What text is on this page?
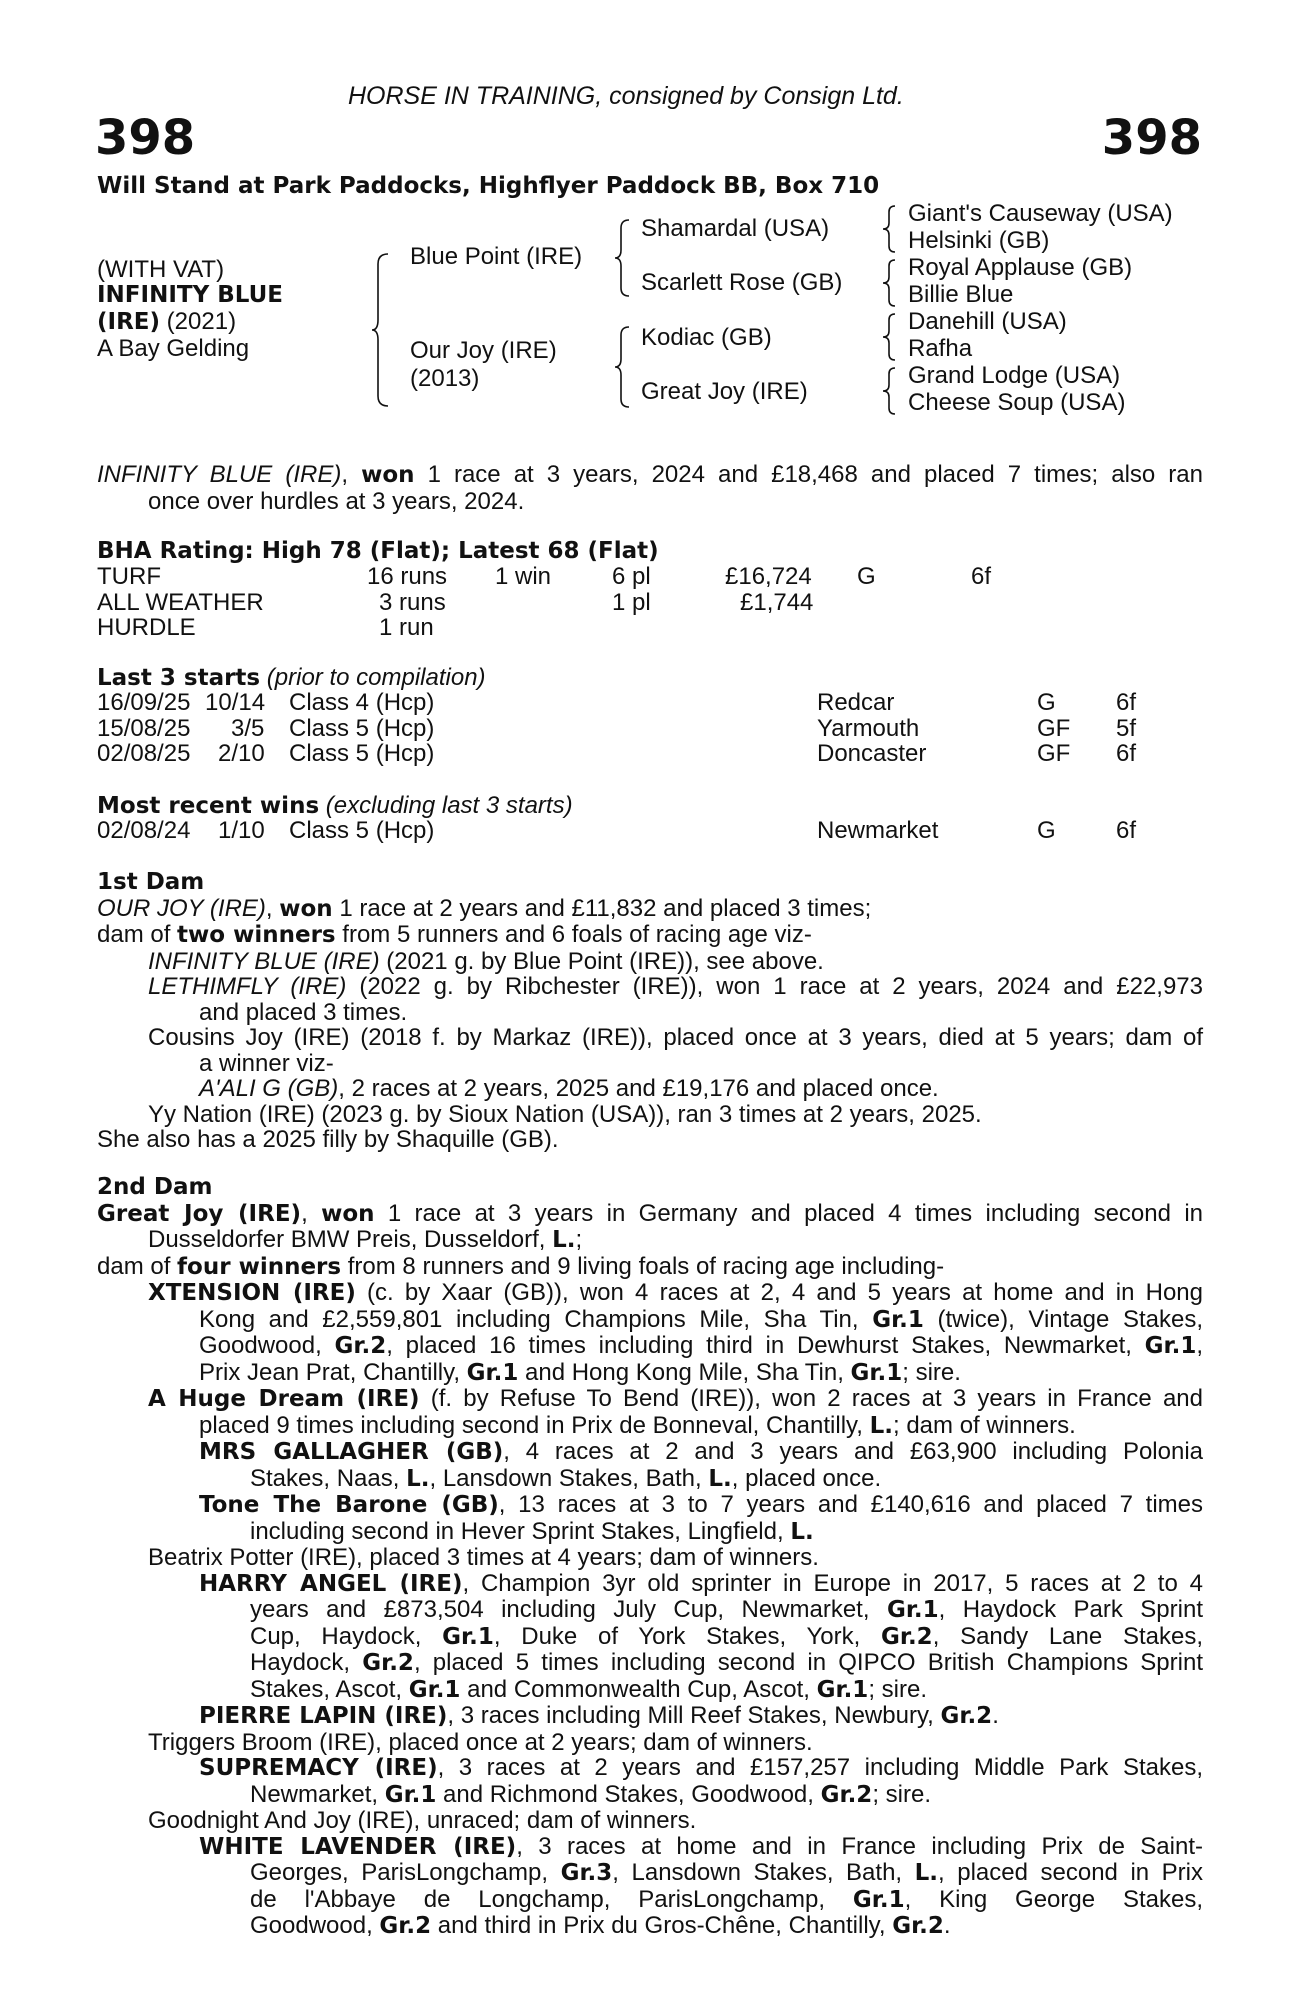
HORSE IN TRAINING, consigned by Consign Ltd.
398	398
Will Stand at Park Paddocks, Highflyer Paddock BB, Box 710
(WITH VAT)
INFINITY BLUE
(IRE) (2021)
A Bay Gelding
Blue Point (IRE)
Our Joy (IRE)
(2013)
Shamardal (USA)
Scarlett Rose (GB)
Kodiac (GB)
Great Joy (IRE)
Giant's Causeway (USA)
Helsinki (GB)
Royal Applause (GB)
Billie Blue
Danehill (USA)
Rafha
Grand Lodge (USA)
Cheese Soup (USA)
INFINITY BLUE (IRE), won 1 race at 3 years, 2024 and £18,468 and placed 7 times; also ran
once over hurdles at 3 years, 2024.
BHA Rating: High 78 (Flat); Latest 68 (Flat)
TURF	16 runs 1 win	6 pl	£16,724 G	6f
ALL WEATHER	3 runs	1 pl	£1,744
HURDLE	1 run
Last 3 starts (prior to compilation)
16/09/25 10/14 Class 4 (Hcp)	Redcar	G	6f
15/08/25 3/5 Class 5 (Hcp)	Yarmouth	GF 5f
02/08/25 2/10 Class 5 (Hcp)	Doncaster	GF 6f
Most recent wins (excluding last 3 starts)
02/08/24 1/10 Class 5 (Hcp)	Newmarket	G	6f
1st Dam
OUR JOY (IRE), won 1 race at 2 years and £11,832 and placed 3 times;
dam of two winners from 5 runners and 6 foals of racing age viz-
INFINITY BLUE (IRE) (2021 g. by Blue Point (IRE)), see above.
LETHIMFLY (IRE) (2022 g. by Ribchester (IRE)), won 1 race at 2 years, 2024 and £22,973
and placed 3 times.
Cousins Joy (IRE) (2018 f. by Markaz (IRE)), placed once at 3 years, died at 5 years; dam of
a winner viz-
A'ALI G (GB), 2 races at 2 years, 2025 and £19,176 and placed once.
Yy Nation (IRE) (2023 g. by Sioux Nation (USA)), ran 3 times at 2 years, 2025.
She also has a 2025 filly by Shaquille (GB).
2nd Dam
Great Joy (IRE), won 1 race at 3 years in Germany and placed 4 times including second in
Dusseldorfer BMW Preis, Dusseldorf, L.;
dam of four winners from 8 runners and 9 living foals of racing age including-
XTENSION (IRE) (c. by Xaar (GB)), won 4 races at 2, 4 and 5 years at home and in Hong
Kong and £2,559,801 including Champions Mile, Sha Tin, Gr.1 (twice), Vintage Stakes,
Goodwood, Gr.2, placed 16 times including third in Dewhurst Stakes, Newmarket, Gr.1,
Prix Jean Prat, Chantilly, Gr.1 and Hong Kong Mile, Sha Tin, Gr.1; sire.
A Huge Dream (IRE) (f. by Refuse To Bend (IRE)), won 2 races at 3 years in France and
placed 9 times including second in Prix de Bonneval, Chantilly, L.; dam of winners.
MRS GALLAGHER (GB), 4 races at 2 and 3 years and £63,900 including Polonia
Stakes, Naas, L., Lansdown Stakes, Bath, L., placed once.
Tone The Barone (GB), 13 races at 3 to 7 years and £140,616 and placed 7 times
including second in Hever Sprint Stakes, Lingfield, L.
Beatrix Potter (IRE), placed 3 times at 4 years; dam of winners.
HARRY ANGEL (IRE), Champion 3yr old sprinter in Europe in 2017, 5 races at 2 to 4
years and £873,504 including July Cup, Newmarket, Gr.1, Haydock Park Sprint
Cup, Haydock, Gr.1, Duke of York Stakes, York, Gr.2, Sandy Lane Stakes,
Haydock, Gr.2, placed 5 times including second in QIPCO British Champions Sprint
Stakes, Ascot, Gr.1 and Commonwealth Cup, Ascot, Gr.1; sire.
PIERRE LAPIN (IRE), 3 races including Mill Reef Stakes, Newbury, Gr.2.
Triggers Broom (IRE), placed once at 2 years; dam of winners.
SUPREMACY (IRE), 3 races at 2 years and £157,257 including Middle Park Stakes,
Newmarket, Gr.1 and Richmond Stakes, Goodwood, Gr.2; sire.
Goodnight And Joy (IRE), unraced; dam of winners.
WHITE LAVENDER (IRE), 3 races at home and in France including Prix de Saint-
Georges, ParisLongchamp, Gr.3, Lansdown Stakes, Bath, L., placed second in Prix
de l'Abbaye de Longchamp, ParisLongchamp, Gr.1, King George Stakes,
Goodwood, Gr.2 and third in Prix du Gros-Chêne, Chantilly, Gr.2.
